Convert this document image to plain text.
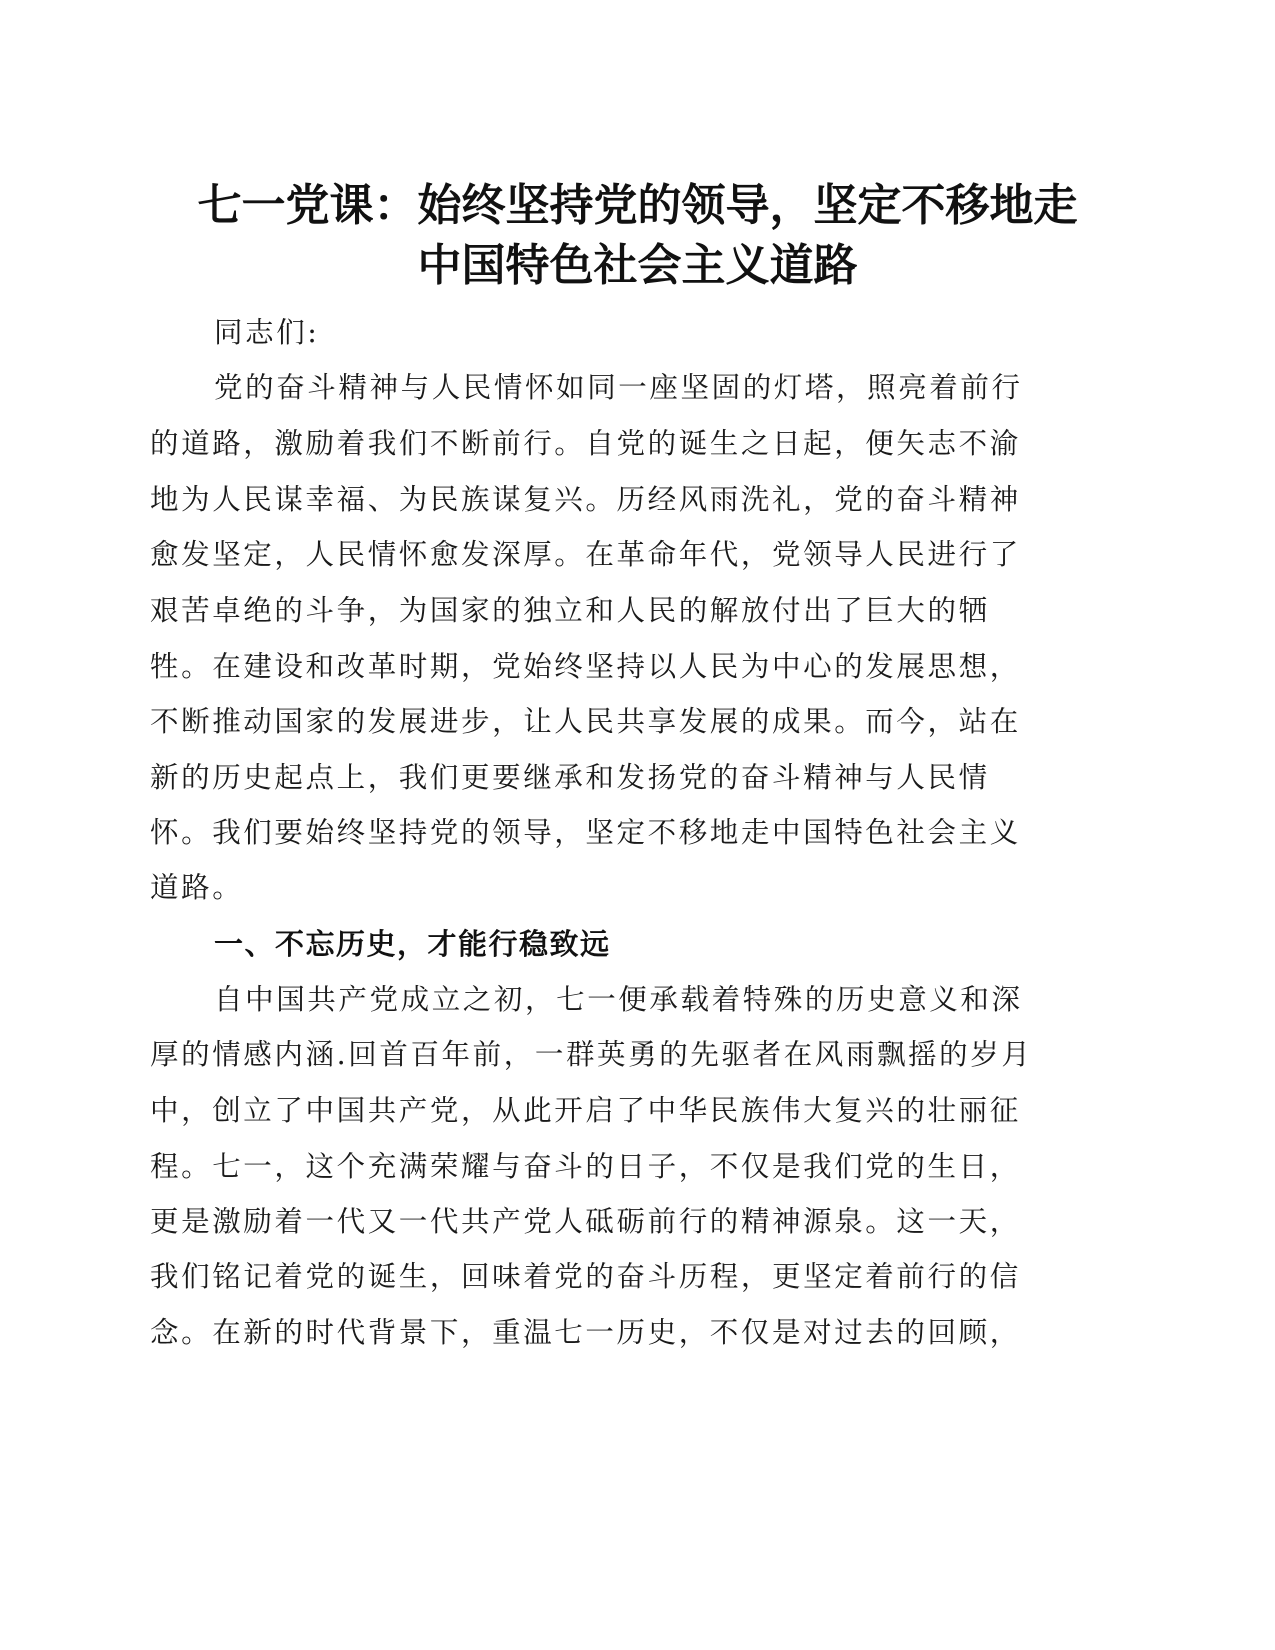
七一党课：始终坚持党的领导，坚定不移地走
中国特色社会主义道路

同志们:

党的奋斗精神与人民情怀如同一座坚固的灯塔，照亮着前行

的道路，激励着我们不断前行。自党的诞生之日起，便矢志不渝

地为人民谋幸福、为民族谋复兴。历经风雨洗礼，党的奋斗精神

愈发坚定，人民情怀愈发深厚。在革命年代，党领导人民进行了

艰苦卓绝的斗争，为国家的独立和人民的解放付出了巨大的牺

牲。在建设和改革时期，党始终坚持以人民为中心的发展思想，

不断推动国家的发展进步，让人民共享发展的成果。而今，站在

新的历史起点上，我们更要继承和发扬党的奋斗精神与人民情

怀。我们要始终坚持党的领导，坚定不移地走中国特色社会主义

道路。

一、不忘历史，才能行稳致远

自中国共产党成立之初，七一便承载着特殊的历史意义和深

厚的情感内涵.回首百年前，一群英勇的先驱者在风雨飘摇的岁月

中，创立了中国共产党，从此开启了中华民族伟大复兴的壮丽征

程。七一，这个充满荣耀与奋斗的日子，不仅是我们党的生日，

更是激励着一代又一代共产党人砥砺前行的精神源泉。这一天，

我们铭记着党的诞生，回味着党的奋斗历程，更坚定着前行的信

念。在新的时代背景下，重温七一历史，不仅是对过去的回顾，
